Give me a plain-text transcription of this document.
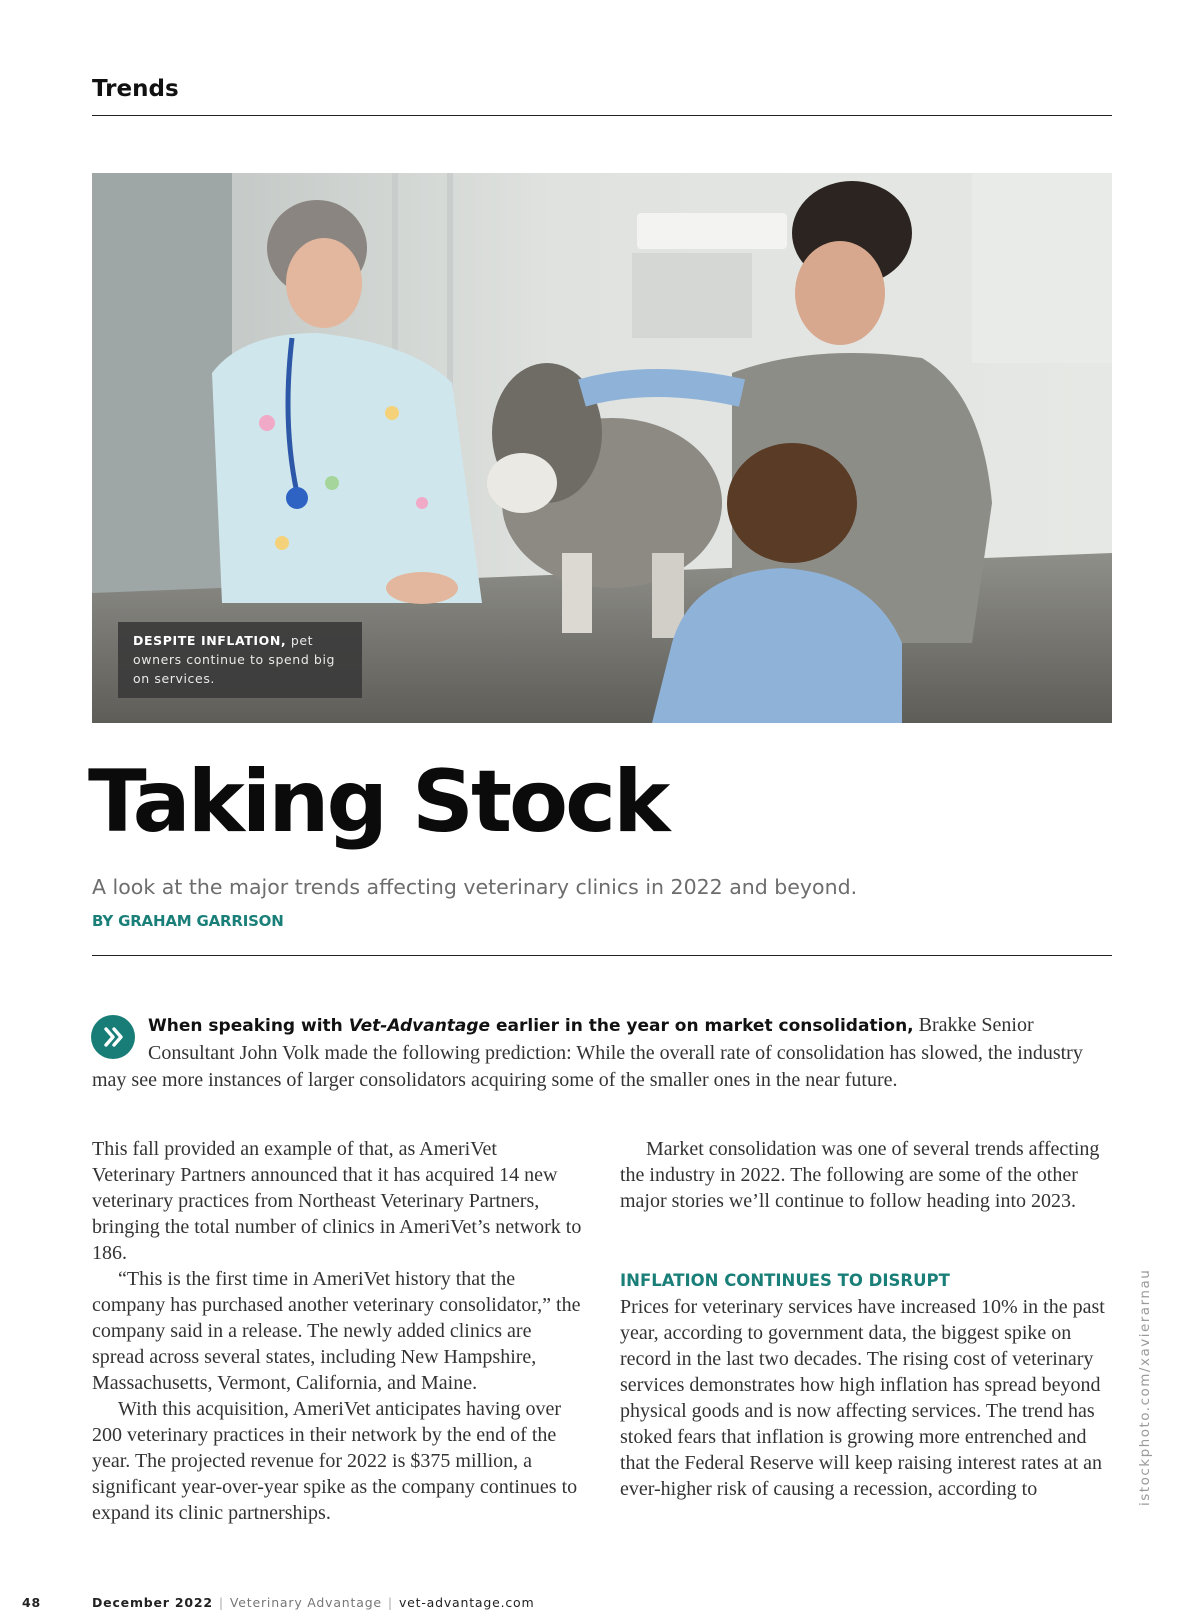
Trends
DESPITE INFLATION, pet owners continue to spend big on services.
Taking Stock
A look at the major trends affecting veterinary clinics in 2022 and beyond.
BY GRAHAM GARRISON

When speaking with Vet-Advantage earlier in the year on market consolidation, Brakke Senior Consultant John Volk made the following prediction: While the overall rate of consolidation has slowed, the industry may see more instances of larger consolidators acquiring some of the smaller ones in the near future.

This fall provided an example of that, as AmeriVet Veterinary Partners announced that it has acquired 14 new veterinary practices from Northeast Veterinary Partners, bringing the total number of clinics in AmeriVet’s network to 186.

“This is the first time in AmeriVet history that the company has purchased another veterinary consolidator,” the company said in a release. The newly added clinics are spread across several states, including New Hampshire, Massachusetts, Vermont, California, and Maine.

With this acquisition, AmeriVet anticipates having over 200 veterinary practices in their network by the end of the year. The projected revenue for 2022 is $375 million, a significant year-over-year spike as the company continues to expand its clinic partnerships.

Market consolidation was one of several trends affecting the industry in 2022. The following are some of the other major stories we’ll continue to follow heading into 2023.

INFLATION CONTINUES TO DISRUPT

Prices for veterinary services have increased 10% in the past year, according to government data, the biggest spike on record in the last two decades. The rising cost of veterinary services demonstrates how high inflation has spread beyond physical goods and is now affecting services. The trend has stoked fears that inflation is growing more entrenched and that the Federal Reserve will keep raising interest rates at an ever-higher risk of causing a recession, according to	istockphoto.com/xavierarnau
48	December 2022 | Veterinary Advantage | vet-advantage.com
